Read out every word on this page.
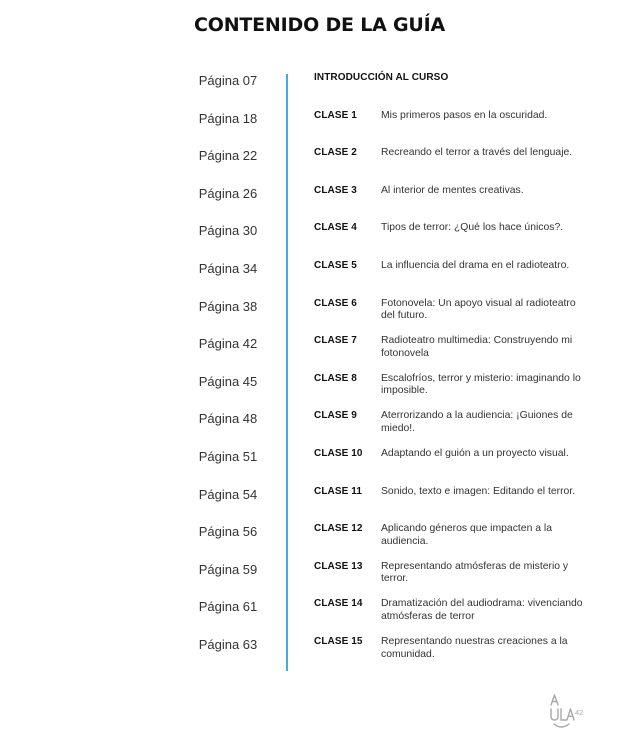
CONTENIDO DE LA GUÍA
Página 07	INTRODUCCIÓN AL CURSO
Página 18	CLASE 1 Mis primeros pasos en la oscuridad.
Página 22	CLASE 2 Recreando el terror a través del lenguaje.
Página 26	CLASE 3 Al interior de mentes creativas.
Página 30	CLASE 4 Tipos de terror: ¿Qué los hace únicos?.
Página 34	CLASE 5 La influencia del drama en el radioteatro.
Página 38	CLASE 6 Fotonovela: Un apoyo visual al radioteatro del futuro.
Página 42	CLASE 7 Radioteatro multimedia: Construyendo mi fotonovela
Página 45	CLASE 8 Escalofríos, terror y misterio: imaginando lo imposible.
Página 48	CLASE 9 Aterrorizando a la audiencia: ¡Guiones de miedo!.
Página 51	CLASE 10 Adaptando el guión a un proyecto visual.
Página 54	CLASE 11 Sonido, texto e imagen: Editando el terror.
Página 56	CLASE 12 Aplicando géneros que impacten a la audiencia.
Página 59	CLASE 13 Representando atmósferas de misterio y terror.
Página 61	CLASE 14 Dramatización del audiodrama: vivenciando atmósferas de terror
Página 63	CLASE 15 Representando nuestras creaciones a la comunidad.
42
